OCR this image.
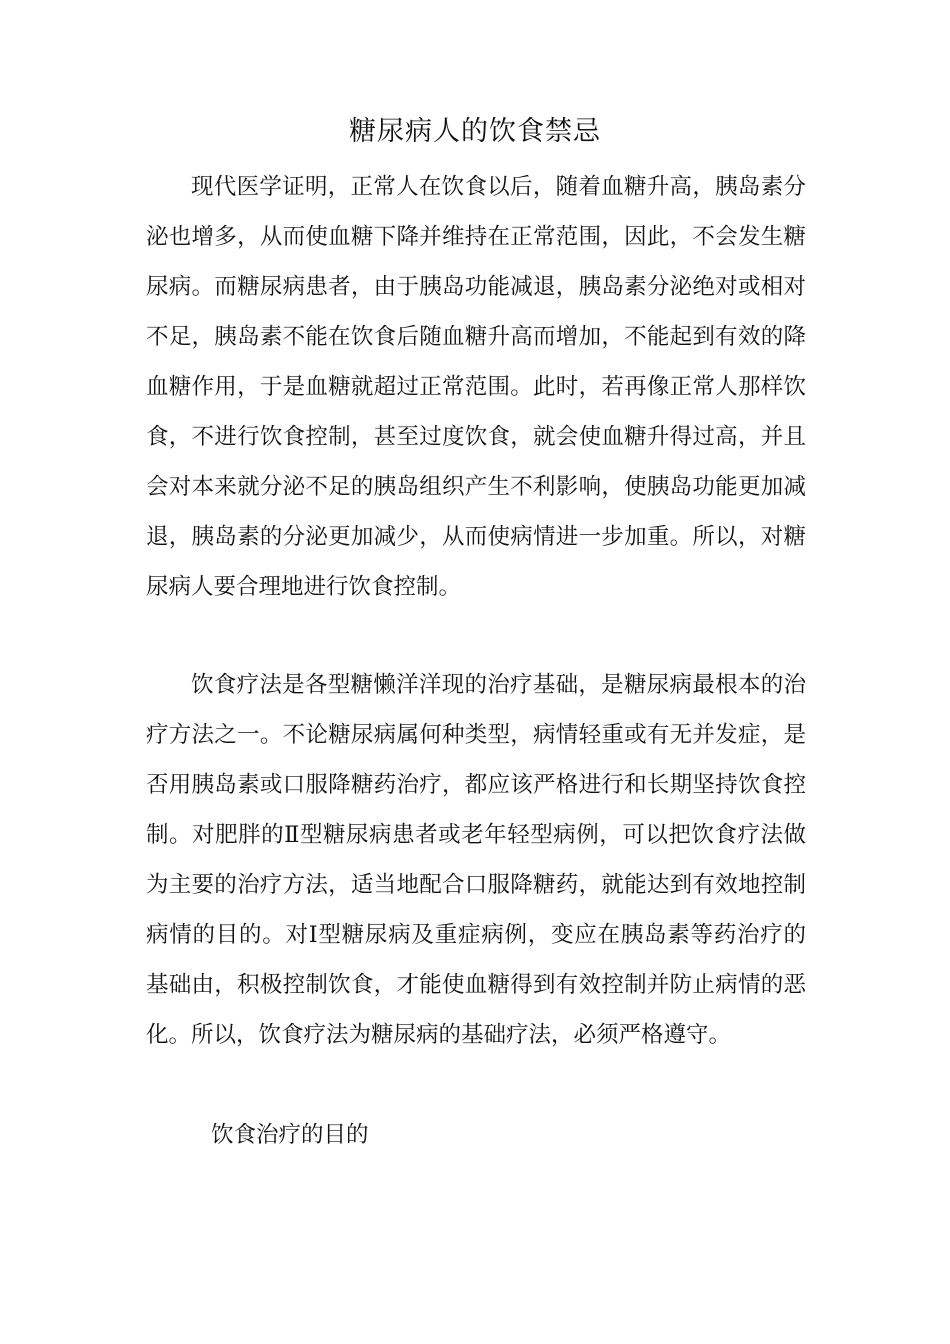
糖尿病人的饮食禁忌

现代医学证明，正常人在饮食以后，随着血糖升高，胰岛素分泌也增多，从而使血糖下降并维持在正常范围，因此，不会发生糖尿病。而糖尿病患者，由于胰岛功能减退，胰岛素分泌绝对或相对不足，胰岛素不能在饮食后随血糖升高而增加，不能起到有效的降血糖作用，于是血糖就超过正常范围。此时，若再像正常人那样饮食，不进行饮食控制，甚至过度饮食，就会使血糖升得过高，并且会对本来就分泌不足的胰岛组织产生不利影响，使胰岛功能更加减退，胰岛素的分泌更加减少，从而使病情进一步加重。所以，对糖尿病人要合理地进行饮食控制。

饮食疗法是各型糖懒洋洋现的治疗基础，是糖尿病最根本的治疗方法之一。不论糖尿病属何种类型，病情轻重或有无并发症，是否用胰岛素或口服降糖药治疗，都应该严格进行和长期坚持饮食控制。对肥胖的Ⅱ型糖尿病患者或老年轻型病例，可以把饮食疗法做为主要的治疗方法，适当地配合口服降糖药，就能达到有效地控制病情的目的。对Ⅰ型糖尿病及重症病例，变应在胰岛素等药治疗的基础由，积极控制饮食，才能使血糖得到有效控制并防止病情的恶化。所以，饮食疗法为糖尿病的基础疗法，必须严格遵守。

饮食治疗的目的
